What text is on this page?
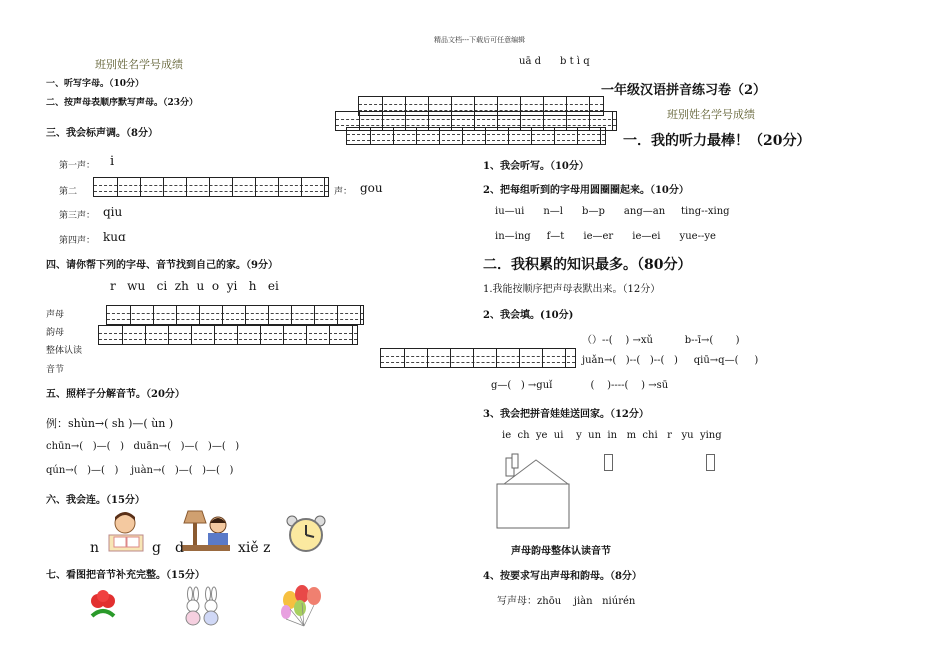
精品文档---下载后可任意编辑
班别姓名学号成绩
一、听写字母。（10分）
二、按声母表顺序默写声母。（23分）
三、我会标声调。（8分）
第一声： i
第二	声： gou
第三声： qiu
第四声： kuɑ
四、请你帮下列的字母、音节找到自己的家。（9分）
r   wu   ci  zh  u  o  yi   h   ei
声母
韵母
整体认读
音节
五、照样子分解音节。（20分）
例：shùn→( sh )—( ùn )
chūn→(   )—(   )   duān→(   )—(   )—(   )
qún→(   )—(   )    juàn→(   )—(   )—(   )
六、我会连。（15分）
n	g d	xiě z
七、看图把音节补充完整。（15分）
uā d      b t ì q
一年级汉语拼音练习卷（2）
班别姓名学号成绩
一．我的听力最棒！（20分）
1、我会听写。（10分）
2、把每组听到的字母用圆圈圈起来。（10分）
iu—ui      n—l      b—p      ang—an     ting--xing
in—ing     f—t      ie—er      ie—ei      yue--ye
二．我积累的知识最多。（80分）
1.我能按顺序把声母表默出来。（12分）
2、我会填。(10分)
（）--(    ) →xǔ          b--ī→(       )
juǎn→(   )--(   )--(   )     qiū→q—(     )
g—(   ) →guǐ            (    )----(    ) →sū
3、我会把拼音娃娃送回家。（12分）
ie  ch  ye  ui    y  un  in   m  chi   r   yu  ying
声母韵母整体认读音节
4、按要求写出声母和韵母。（8分）
写声母：zhōu    jiàn   niúrén
